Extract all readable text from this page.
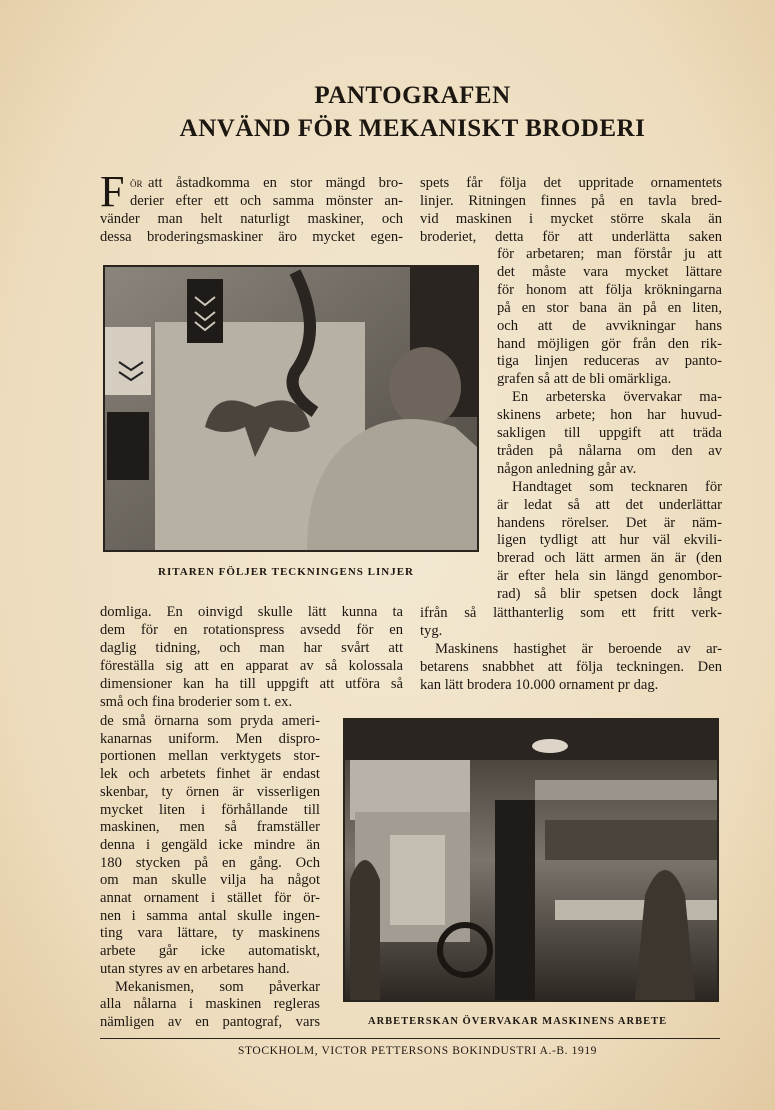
PANTOGRAFEN
ANVÄND FÖR MEKANISKT BRODERI
F ör att åstadkomma en stor mängd bro-
derier efter ett och samma mönster an-
vänder man helt naturligt maskiner, och
dessa broderingsmaskiner äro mycket egen-
spets får följa det uppritade ornamentets
linjer. Ritningen finnes på en tavla bred-
vid maskinen i mycket större skala än
broderiet, detta för att underlätta saken
för arbetaren; man förstår ju att
det måste vara mycket lättare
för honom att följa krökningarna
på en stor bana än på en liten,
och att de avvikningar hans
hand möjligen gör från den rik-
tiga linjen reduceras av panto-
grafen så att de bli omärkliga.
En arbeterska övervakar ma-
skinens arbete; hon har huvud-
sakligen till uppgift att träda
tråden på nålarna om den av
någon anledning går av.
Handtaget som tecknaren för
är ledat så att det underlättar
handens rörelser. Det är näm-
ligen tydligt att hur väl ekvili-
brerad och lätt armen än är (den
är efter hela sin längd genombor-
rad) så blir spetsen dock långt
ifrån så lätthanterlig som ett fritt verk-
tyg.
Maskinens hastighet är beroende av ar-
betarens snabbhet att följa teckningen. Den
kan lätt brodera 10.000 ornament pr dag.
domliga. En oinvigd skulle lätt kunna ta
dem för en rotationspress avsedd för en
daglig tidning, och man har svårt att
föreställa sig att en apparat av så kolossala
dimensioner kan ha till uppgift att utföra så
små och fina broderier som t. ex.
de små örnarna som pryda ameri-
kanarnas uniform. Men dispro-
portionen mellan verktygets stor-
lek och arbetets finhet är endast
skenbar, ty örnen är visserligen
mycket liten i förhållande till
maskinen, men så framställer
denna i gengäld icke mindre än
180 stycken på en gång. Och
om man skulle vilja ha något
annat ornament i stället för ör-
nen i samma antal skulle ingen-
ting vara lättare, ty maskinens
arbete går icke automatiskt,
utan styres av en arbetares hand.
Mekanismen, som påverkar
alla nålarna i maskinen regleras
nämligen av en pantograf, vars
RITAREN FÖLJER TECKNINGENS LINJER
ARBETERSKAN ÖVERVAKAR MASKINENS ARBETE
STOCKHOLM, VICTOR PETTERSONS BOKINDUSTRI A.-B. 1919
